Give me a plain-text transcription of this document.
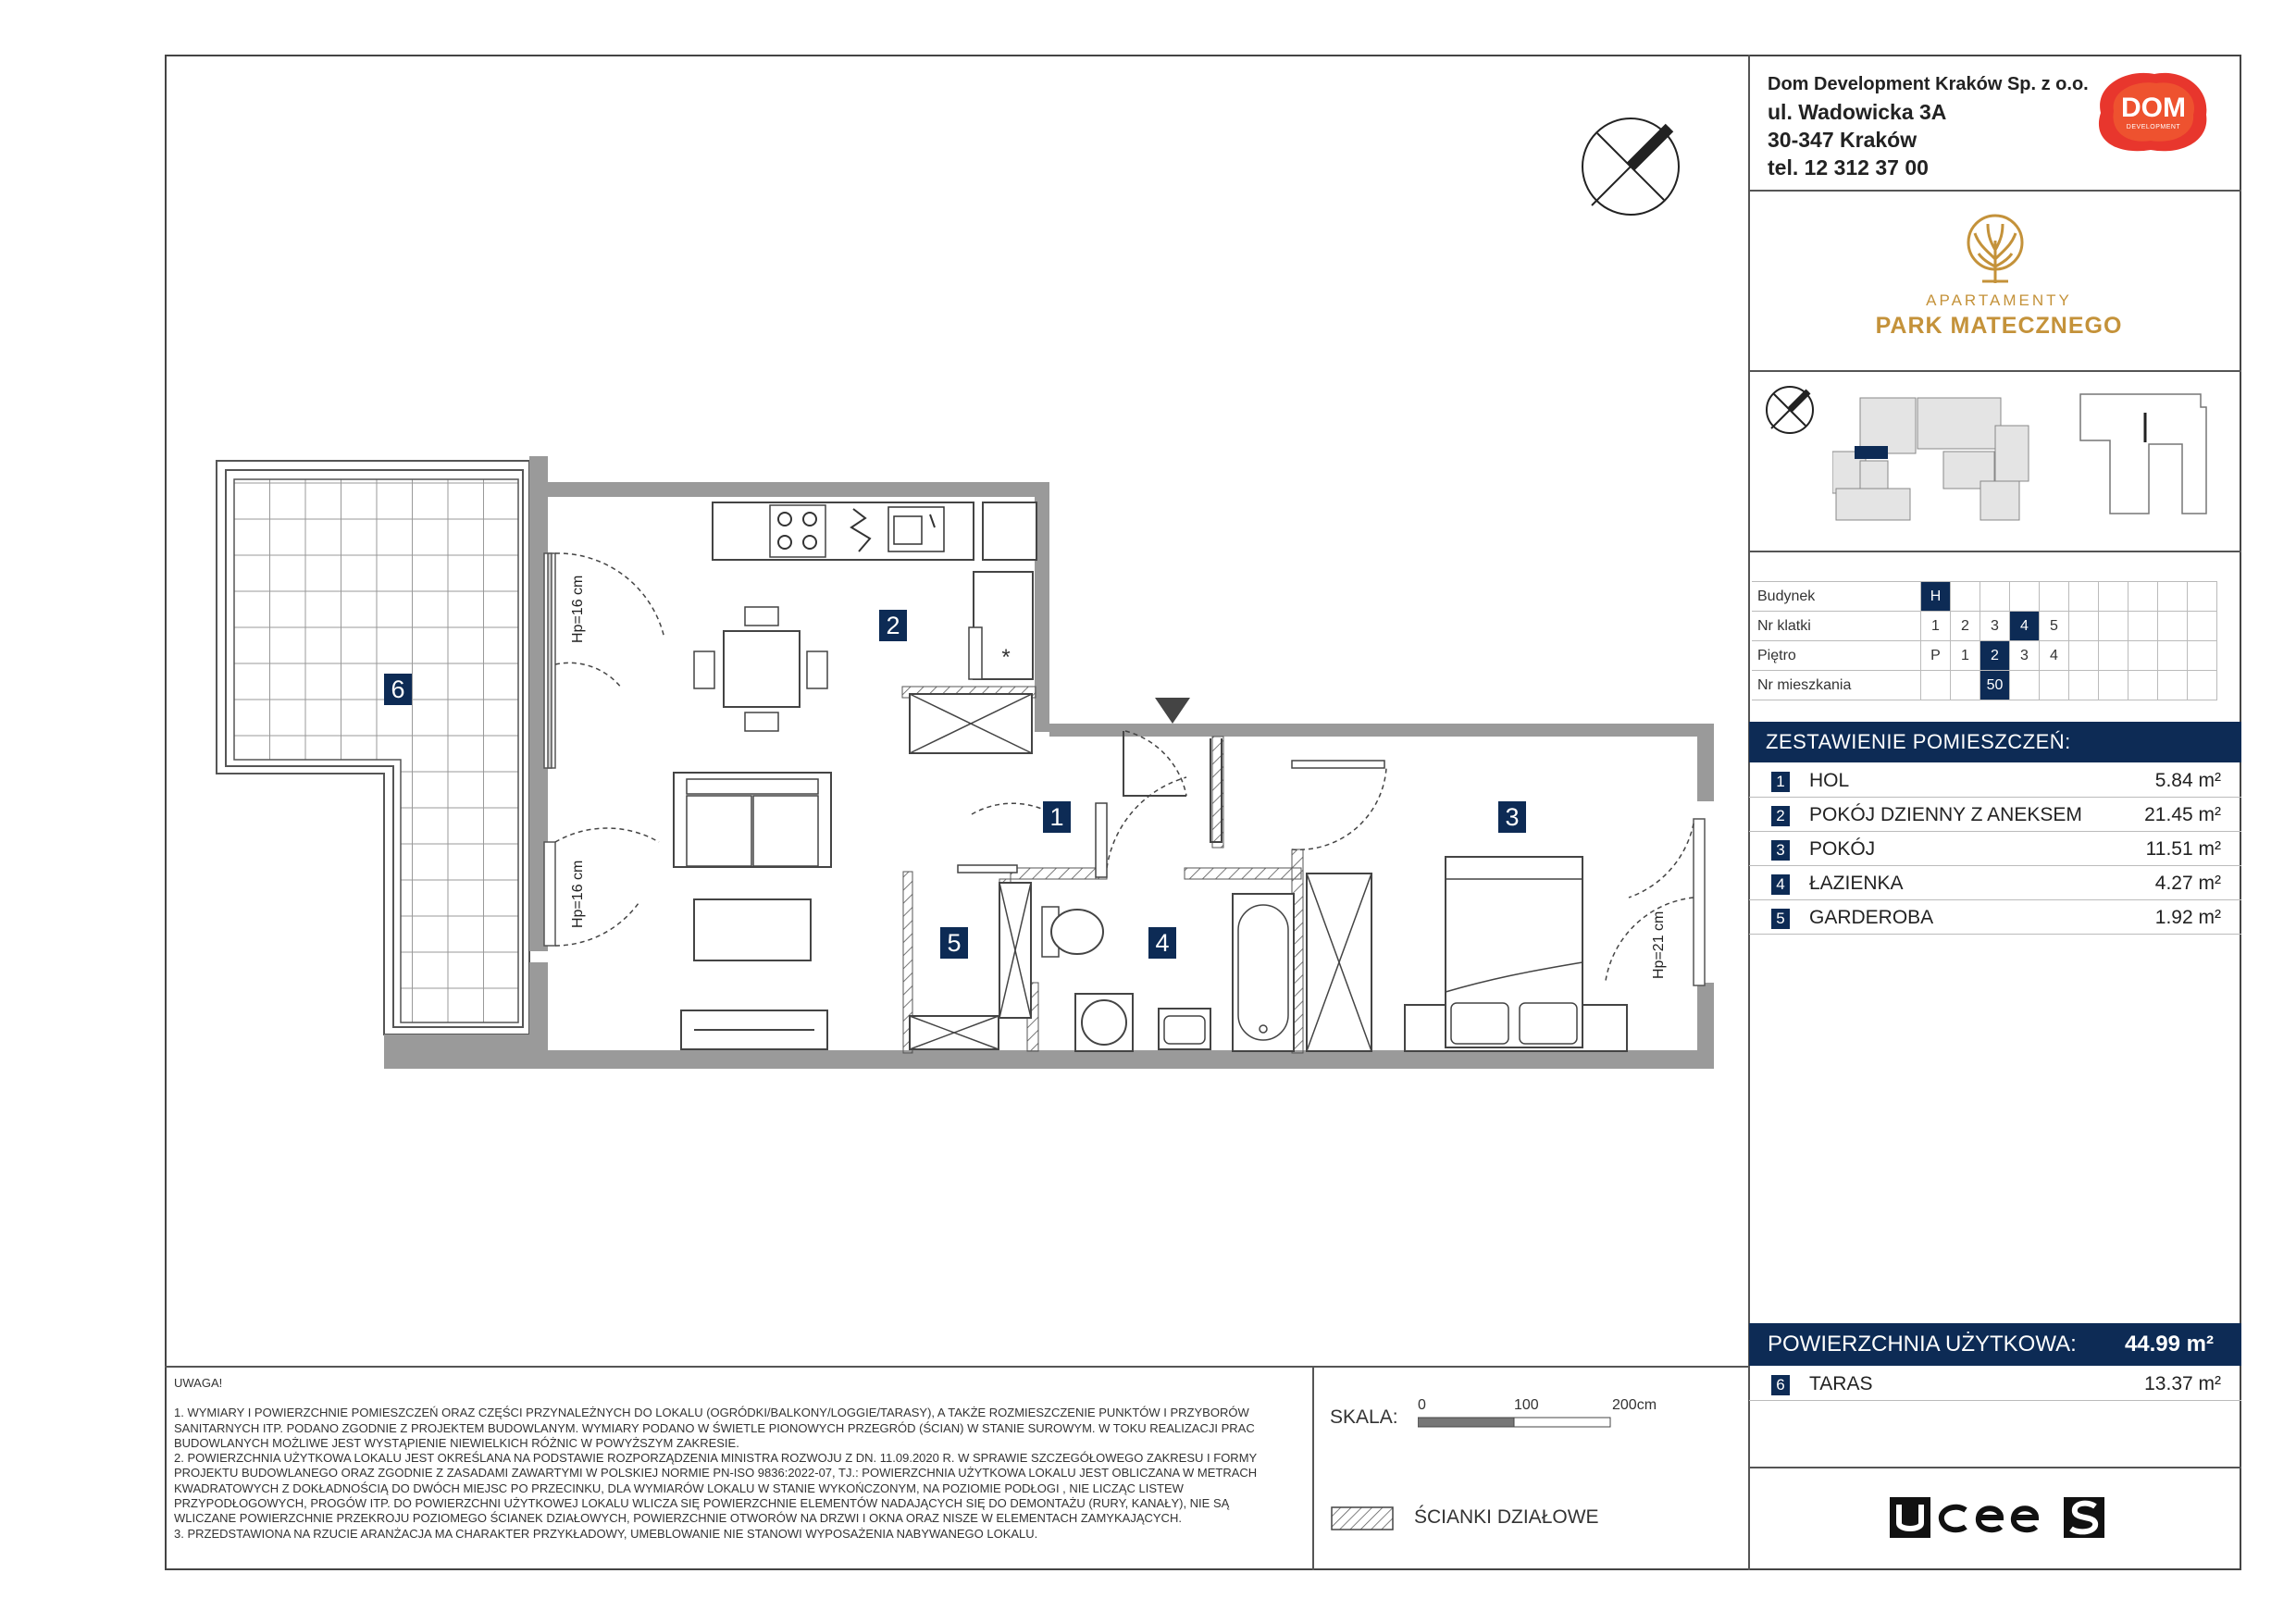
Dom Development Kraków Sp. z o.o.
ul. Wadowicka 3A
30-347 Kraków
tel. 12 312 37 00
DOM
DEVELOPMENT
APARTAMENTY
PARK MATECZNEGO
Budynek	H									
Nr klatki	1	2	3	4	5					
Piętro	P	1	2	3	4					
Nr mieszkania			50							
ZESTAWIENIE POMIESZCZEŃ:
1 HOL	5.84 m²
2 POKÓJ DZIENNY Z ANEKSEM	21.45 m²
3 POKÓJ	11.51 m²
4 ŁAZIENKA	4.27 m²
5 GARDEROBA	1.92 m²
POWIERZCHNIA UŻYTKOWA: 44.99 m²
6 TARAS	13.37 m²

UWAGA!

1. WYMIARY I POWIERZCHNIE POMIESZCZEŃ ORAZ CZĘŚCI PRZYNALEŻNYCH DO LOKALU (OGRÓDKI/BALKONY/LOGGIE/TARASY), A TAKŻE ROZMIESZCZENIE PUNKTÓW I PRZYBORÓW SANITARNYCH ITP. PODANO ZGODNIE Z PROJEKTEM BUDOWLANYM. WYMIARY PODANO W ŚWIETLE PIONOWYCH PRZEGRÓD (ŚCIAN) W STANIE SUROWYM. W TOKU REALIZACJI PRAC BUDOWLANYCH MOŻLIWE JEST WYSTĄPIENIE NIEWIELKICH RÓŻNIC W POWYŻSZYM ZAKRESIE.

2. POWIERZCHNIA UŻYTKOWA LOKALU JEST OKREŚLANA NA PODSTAWIE ROZPORZĄDZENIA MINISTRA ROZWOJU Z DN. 11.09.2020 R. W SPRAWIE SZCZEGÓŁOWEGO ZAKRESU I FORMY PROJEKTU BUDOWLANEGO ORAZ ZGODNIE Z ZASADAMI ZAWARTYMI W POLSKIEJ NORMIE PN-ISO 9836:2022-07, TJ.: POWIERZCHNIA UŻYTKOWA LOKALU JEST OBLICZANA W METRACH KWADRATOWYCH Z DOKŁADNOŚCIĄ DO DWÓCH MIEJSC PO PRZECINKU, DLA WYMIARÓW LOKALU W STANIE WYKOŃCZONYM, NA POZIOMIE PODŁOGI , NIE LICZĄC LISTEW PRZYPODŁOGOWYCH, PROGÓW ITP. DO POWIERZCHNI UŻYTKOWEJ LOKALU WLICZA SIĘ POWIERZCHNIE ELEMENTÓW NADAJĄCYCH SIĘ DO DEMONTAŻU (RURY, KANAŁY), NIE SĄ WLICZANE POWIERZCHNIE PRZEKROJU POZIOMEGO ŚCIANEK DZIAŁOWYCH, POWIERZCHNIE OTWORÓW NA DRZWI I OKNA ORAZ NISZE W ELEMENTACH ZAMYKAJĄCYCH.

3. PRZEDSTAWIONA NA RZUCIE ARANŻACJA MA CHARAKTER PRZYKŁADOWY, UMEBLOWANIE NIE STANOWI WYPOSAŻENIA NABYWANEGO LOKALU.

SKALA:
0	100	200cm
ŚCIANKI DZIAŁOWE
*
6
2
1	3
5	4
Hp=16 cm
Hp=16 cm
Hp=21 cm
